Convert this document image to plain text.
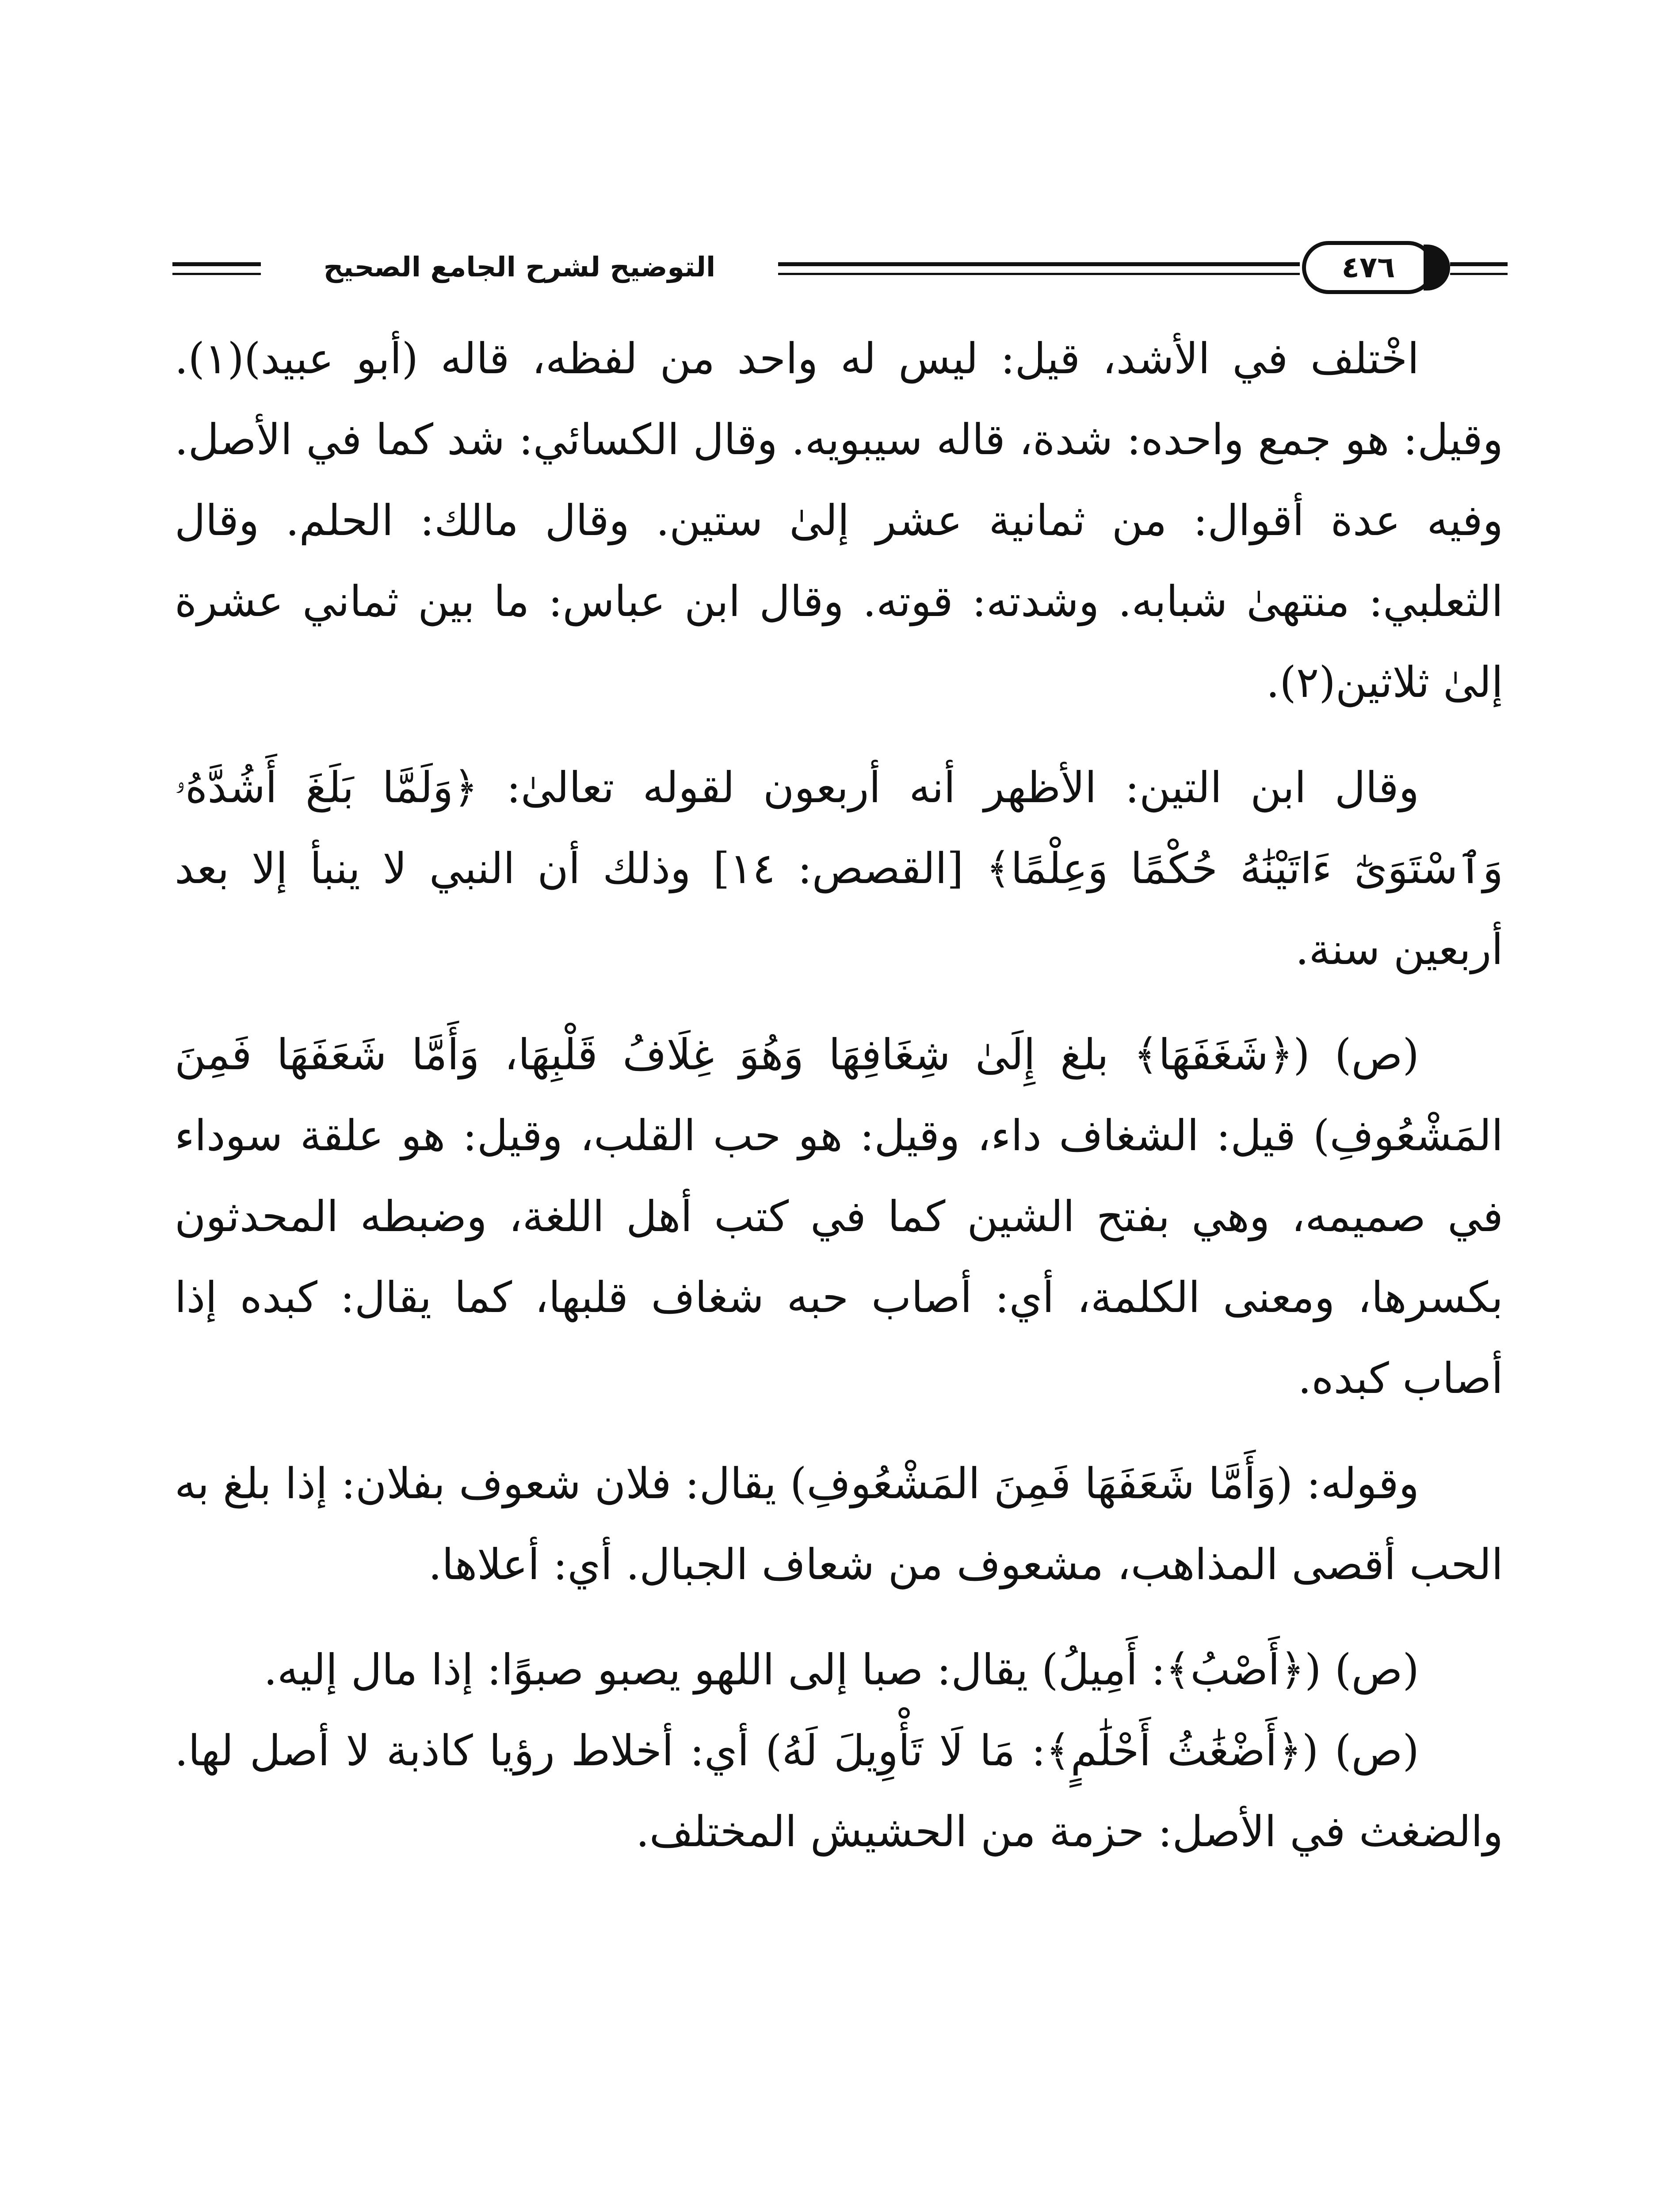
التوضيح لشرح الجامع الصحيح	٤٧٦

اخْتلف في الأشد، قيل: ليس له واحد من لفظه، قاله (أبو عبيد)(١). وقيل: هو جمع واحده: شدة، قاله سيبويه. وقال الكسائي: شد كما في الأصل. وفيه عدة أقوال: من ثمانية عشر إلىٰ ستين. وقال مالك: الحلم. وقال الثعلبي: منتهىٰ شبابه. وشدته: قوته. وقال ابن عباس: ما بين ثماني عشرة إلىٰ ثلاثين(٢).

وقال ابن التين: الأظهر أنه أربعون لقوله تعالىٰ: ﴿وَلَمَّا بَلَغَ أَشُدَّهُۥ وَٱسْتَوَىٰٓ ءَاتَيْنَٰهُ حُكْمًا وَعِلْمًا﴾ [القصص: ١٤] وذلك أن النبي لا ينبأ إلا بعد أربعين سنة.

(ص) (﴿شَغَفَهَا﴾ بلغ إِلَىٰ شِغَافِهَا وَهُوَ غِلَافُ قَلْبِهَا، وَأَمَّا شَعَفَهَا فَمِنَ المَشْعُوفِ) قيل: الشغاف داء، وقيل: هو حب القلب، وقيل: هو علقة سوداء في صميمه، وهي بفتح الشين كما في كتب أهل اللغة، وضبطه المحدثون بكسرها، ومعنى الكلمة، أي: أصاب حبه شغاف قلبها، كما يقال: كبده إذا أصاب كبده.

وقوله: (وَأَمَّا شَعَفَهَا فَمِنَ المَشْعُوفِ) يقال: فلان شعوف بفلان: إذا بلغ به الحب أقصى المذاهب، مشعوف من شعاف الجبال. أي: أعلاها.

(ص) (﴿أَصْبُ﴾: أَمِيلُ) يقال: صبا إلى اللهو يصبو صبوًا: إذا مال إليه.

(ص) (﴿أَضْغَٰثُ أَحْلَٰمٍ﴾: مَا لَا تَأْوِيلَ لَهُ) أي: أخلاط رؤيا كاذبة لا أصل لها. والضغث في الأصل: حزمة من الحشيش المختلف.
